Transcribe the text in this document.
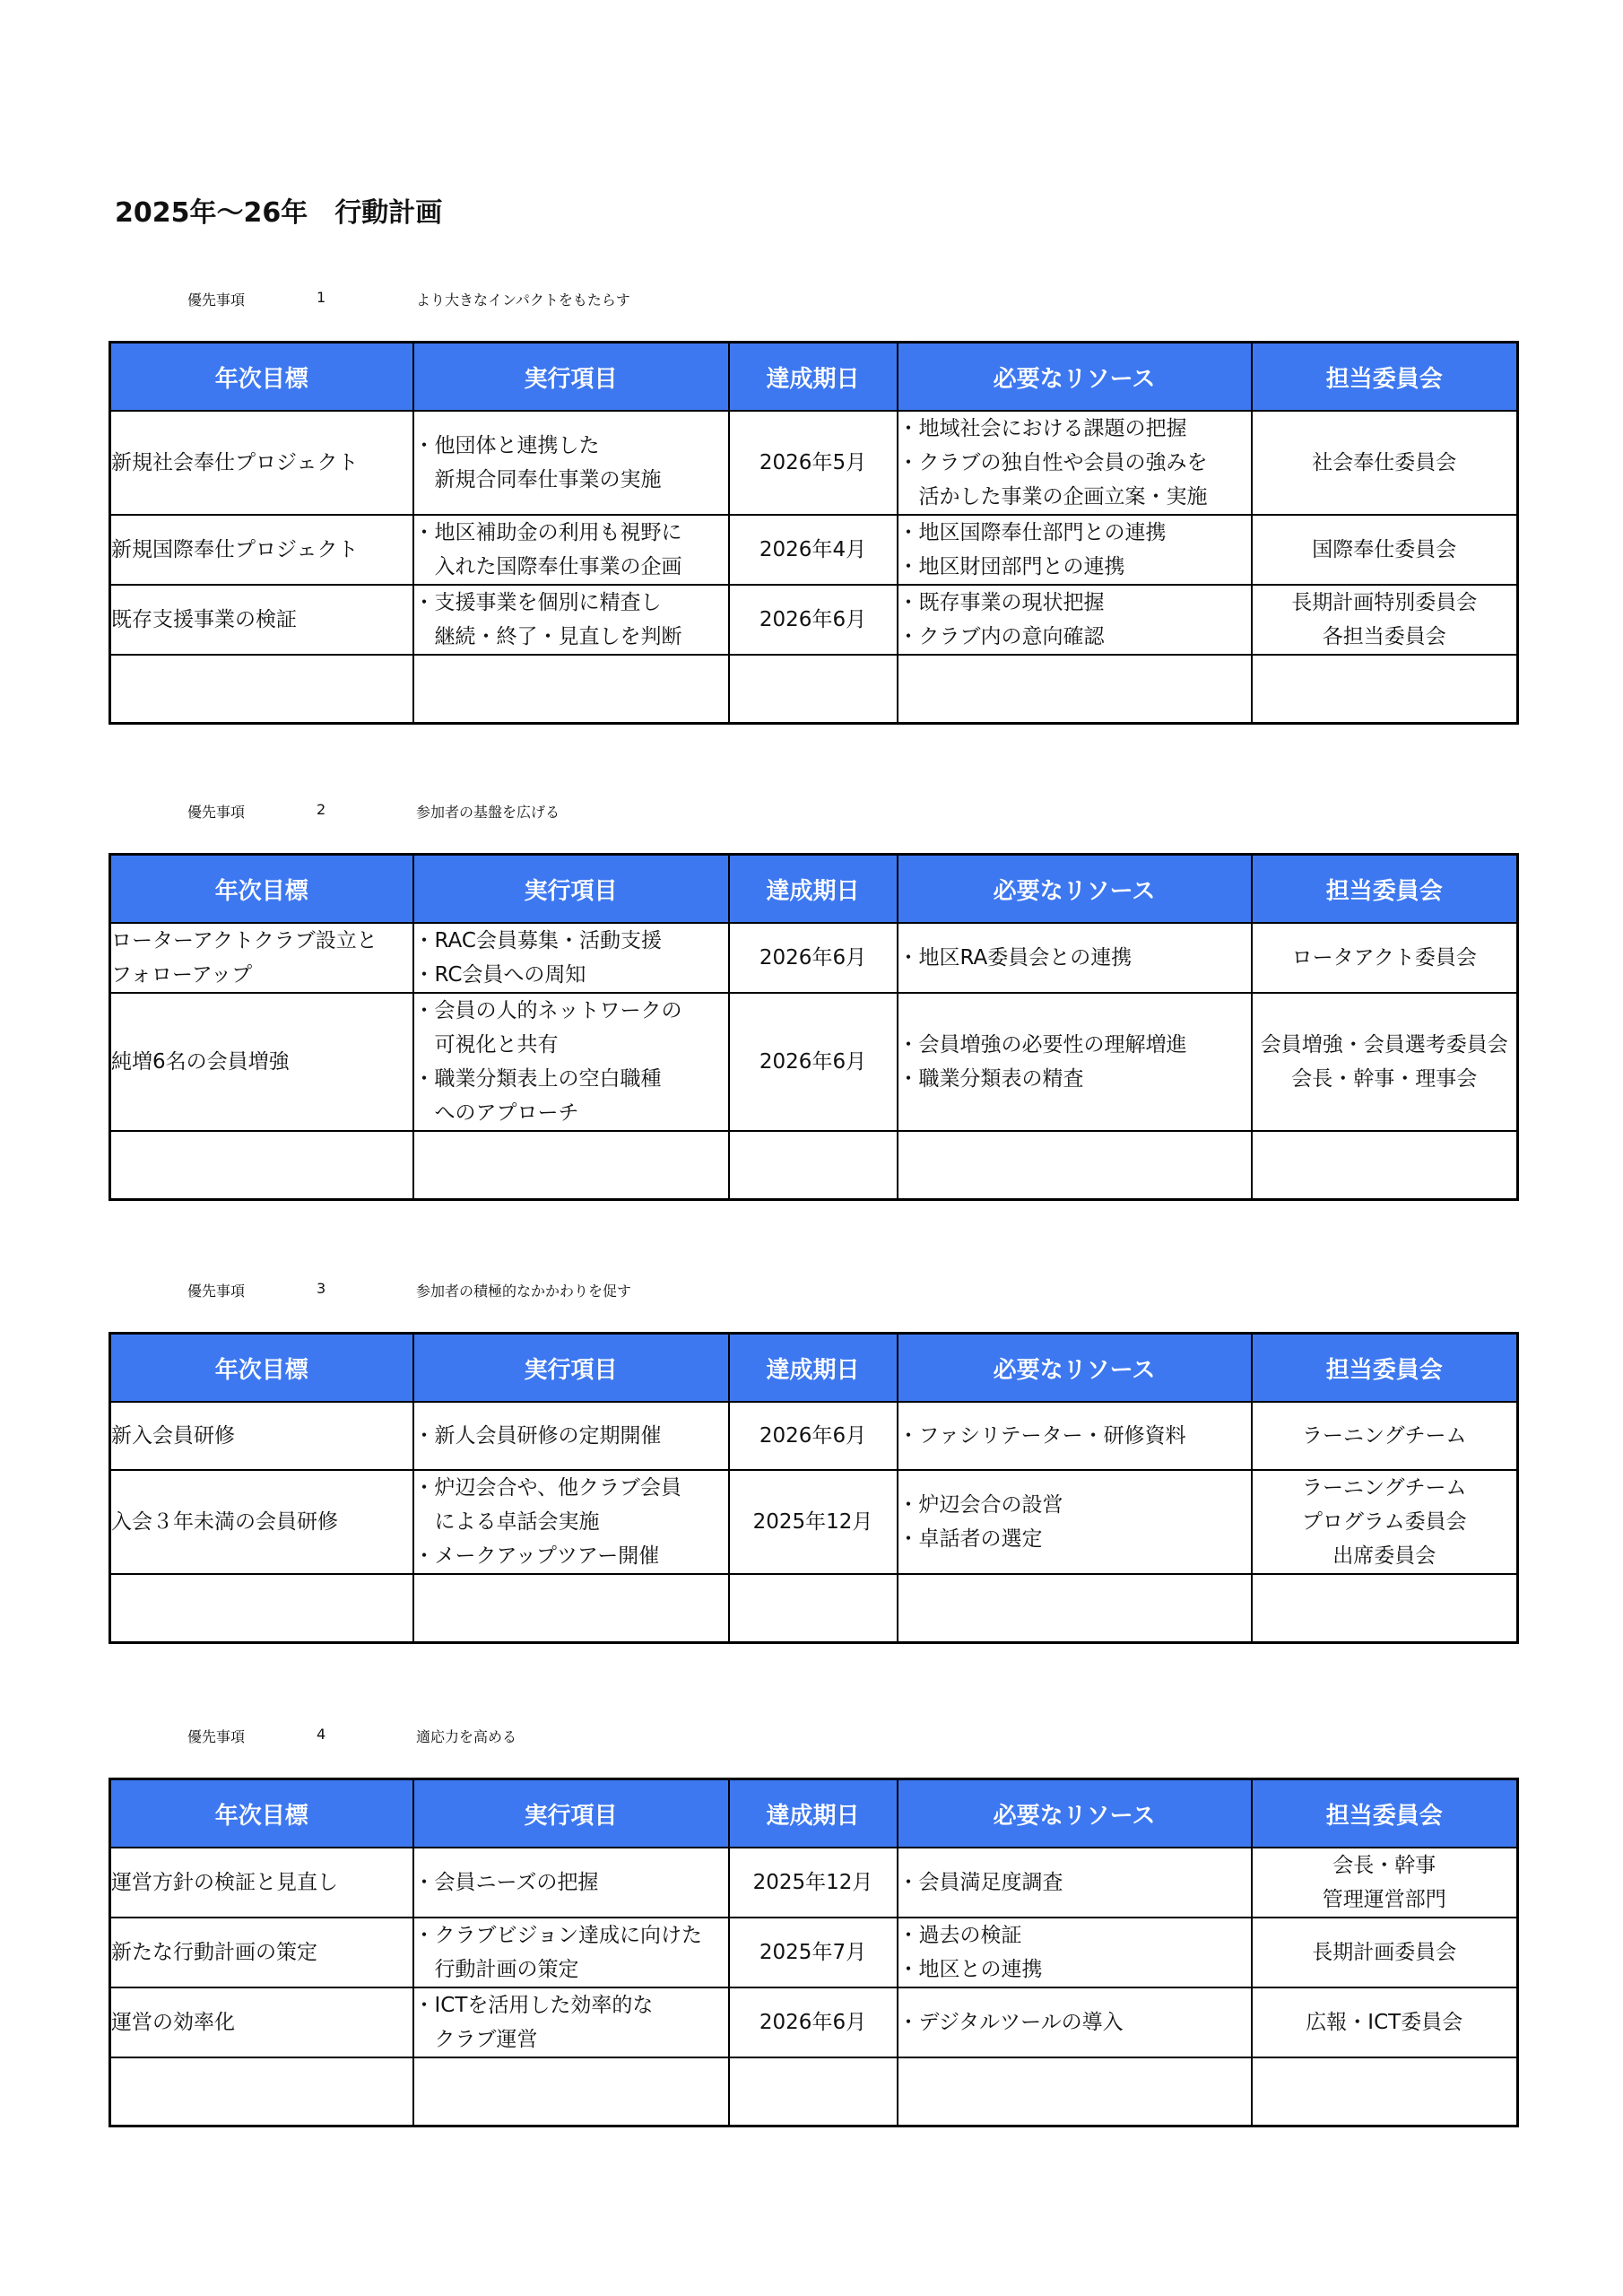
2025年～26年　行動計画
優先事項	1	より大きなインパクトをもたらす
優先事項	2	参加者の基盤を広げる
優先事項	3	参加者の積極的なかかわりを促す
優先事項	4	適応力を高める
年次目標	実行項目	達成期日	必要なリソース	担当委員会

新規社会奉仕プロジェクト	・他団体と連携した
　新規合同奉仕事業の実施	2026年5月	・地域社会における課題の把握
・クラブの独自性や会員の強みを
　活かした事業の企画立案・実施	社会奉仕委員会

新規国際奉仕プロジェクト	・地区補助金の利用も視野に
　入れた国際奉仕事業の企画	2026年4月	・地区国際奉仕部門との連携
・地区財団部門との連携	国際奉仕委員会

既存支援事業の検証	・支援事業を個別に精査し
　継続・終了・見直しを判断	2026年6月	・既存事業の現状把握
・クラブ内の意向確認	長期計画特別委員会
各担当委員会

年次目標	実行項目	達成期日	必要なリソース	担当委員会

ローターアクトクラブ設立と
フォローアップ	・RAC会員募集・活動支援
・RC会員への周知	2026年6月	・地区RA委員会との連携	ロータアクト委員会

純増6名の会員増強	・会員の人的ネットワークの
　可視化と共有
・職業分類表上の空白職種
　へのアプローチ	2026年6月	・会員増強の必要性の理解増進
・職業分類表の精査	会員増強・会員選考委員会
会長・幹事・理事会

年次目標	実行項目	達成期日	必要なリソース	担当委員会

新入会員研修	・新人会員研修の定期開催	2026年6月	・ファシリテーター・研修資料	ラーニングチーム

入会３年未満の会員研修	・炉辺会合や、他クラブ会員
　による卓話会実施
・メークアップツアー開催	2025年12月	・炉辺会合の設営
・卓話者の選定	ラーニングチーム
プログラム委員会
出席委員会

年次目標	実行項目	達成期日	必要なリソース	担当委員会

運営方針の検証と見直し	・会員ニーズの把握	2025年12月	・会員満足度調査	会長・幹事
管理運営部門

新たな行動計画の策定	・クラブビジョン達成に向けた
　行動計画の策定	2025年7月	・過去の検証
・地区との連携	長期計画委員会

運営の効率化	・ICTを活用した効率的な
　クラブ運営	2026年6月	・デジタルツールの導入	広報・ICT委員会
